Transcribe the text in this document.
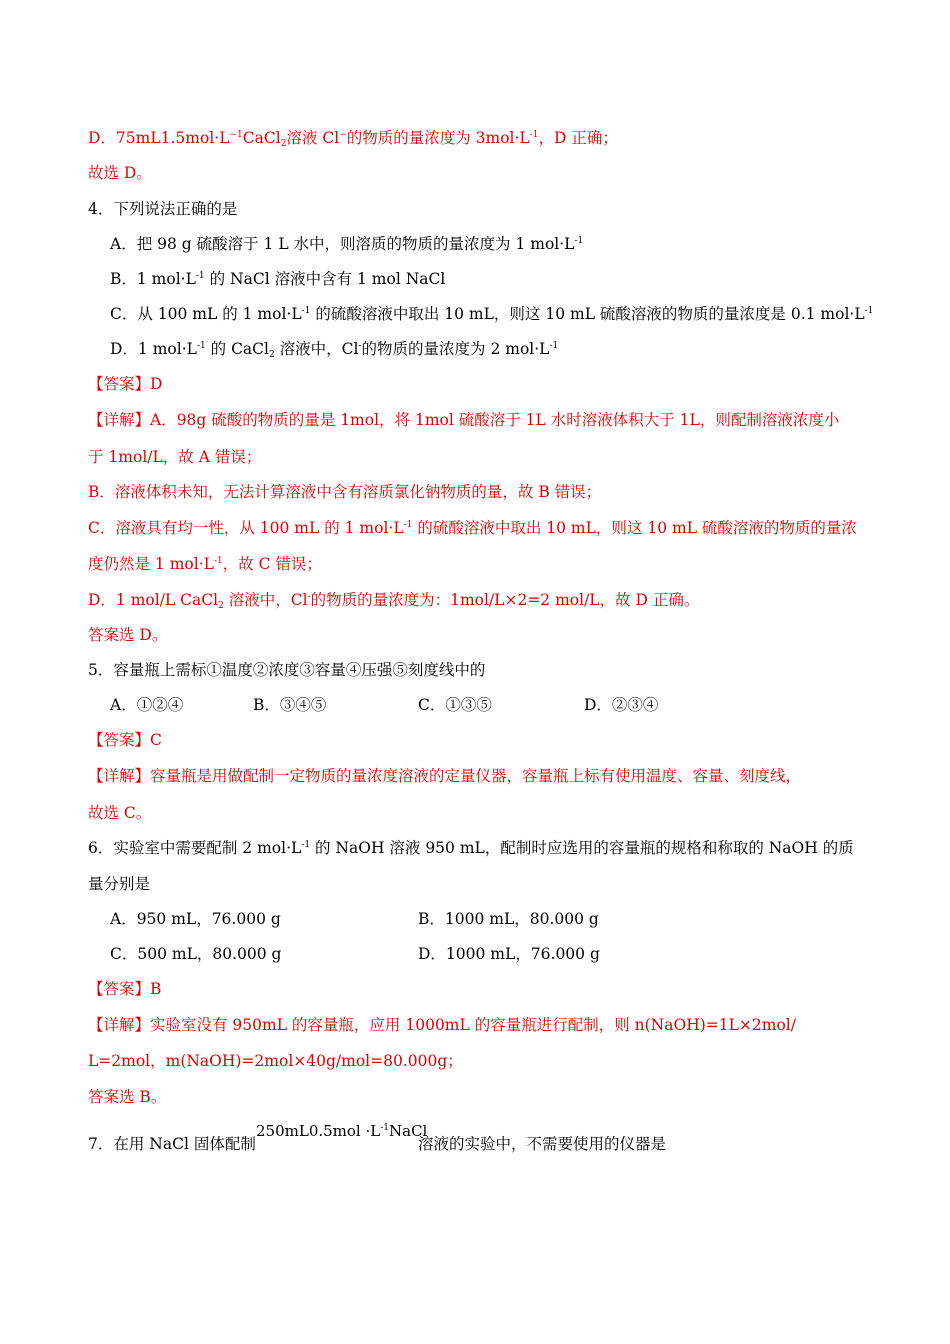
D．$75mL1.5mol\cdot L^{-1}CaCl_2$溶液 Cl−的物质的量浓度为 $3mol\cdot L^{-1}$，D 正确；
故选 D。
4．下列说法正确的是
A．把 98 g 硫酸溶于 1 L 水中，则溶质的物质的量浓度为 1 $mol\cdot L^{-1}$
B．1 $mol\cdot L^{-1}$ 的 NaCl 溶液中含有 1 mol NaCl
C．从 100 mL 的 1 $mol\cdot L^{-1}$ 的硫酸溶液中取出 10 mL，则这 10 mL 硫酸溶液的物质的量浓度是 0.1 $mol\cdot L^{-1}$
D．1 $mol\cdot L^{-1}$ 的 CaCl$_2$ 溶液中，Cl-的物质的量浓度为 2 $mol\cdot L^{-1}$
【答案】D
【详解】A．98g 硫酸的物质的量是 1mol，将 1mol 硫酸溶于 1L 水时溶液体积大于 1L，则配制溶液浓度小
于 1mol/L，故 A 错误；
B．溶液体积未知，无法计算溶液中含有溶质氯化钠物质的量，故 B 错误；
C．溶液具有均一性，从 100 mL 的 1 $mol\cdot L^{-1}$ 的硫酸溶液中取出 10 mL，则这 10 mL 硫酸溶液的物质的量浓
度仍然是 1 $mol\cdot L^{-1}$，故 C 错误；
D．1 mol/L CaCl$_2$ 溶液中，Cl-的物质的量浓度为：1mol/L×2=2 mol/L，故 D 正确。
答案选 D。
5．容量瓶上需标①温度②浓度③容量④压强⑤刻度线中的
A．①②④	B．③④⑤	C．①③⑤	D．②③④
【答案】C
【详解】容量瓶是用做配制一定物质的量浓度溶液的定量仪器，容量瓶上标有使用温度、容量、刻度线，
故选 C。
6．实验室中需要配制 2 $mol\cdot L^{-1}$ 的 NaOH 溶液 950 mL，配制时应选用的容量瓶的规格和称取的 NaOH 的质
量分别是
A．950 mL，76.000 g	B．1000 mL，80.000 g
C．500 mL，80.000 g	D．1000 mL，76.000 g
【答案】B
【详解】实验室没有 950mL 的容量瓶，应用 1000mL 的容量瓶进行配制，则 n(NaOH)=1L×2mol/
L=2mol，m(NaOH)=2mol×40g/mol=80.000g；
答案选 B。
7．在用 NaCl 固体配制
$250mL0.5mol \cdot L^{-1}NaCl$
溶液的实验中，不需要使用的仪器是
